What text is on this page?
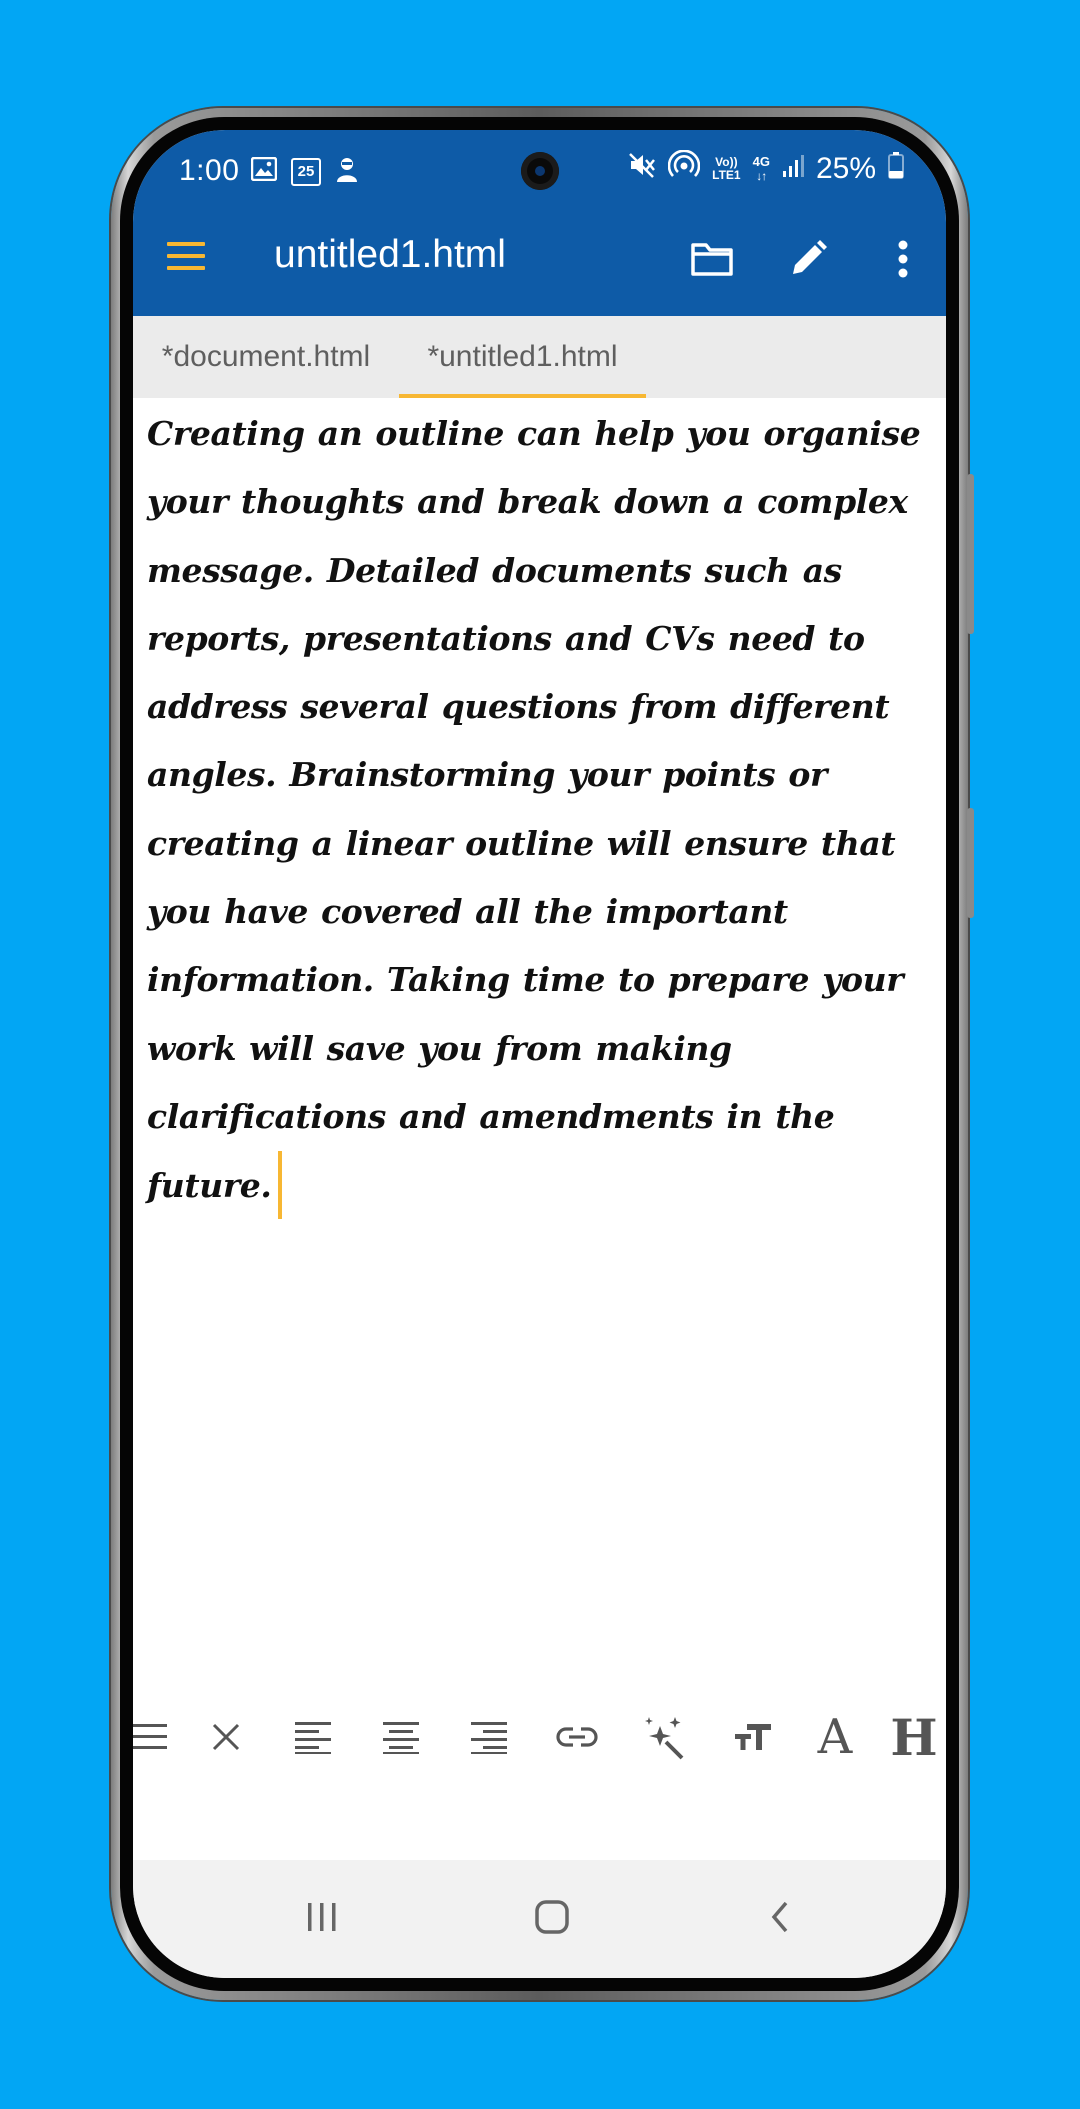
1:00	25
Vo))
LTE1
4G
↓↑ 25%
untitled1.html
*document.html *untitled1.html
Creating an outline can help you organise your thoughts and break down a complex message. Detailed documents such as reports, presentations and CVs need to address several questions from different angles. Brainstorming your points or creating a linear outline will ensure that you have covered all the important information. Taking time to prepare your work will save you from making clarifications and amendments in the future.
A H
